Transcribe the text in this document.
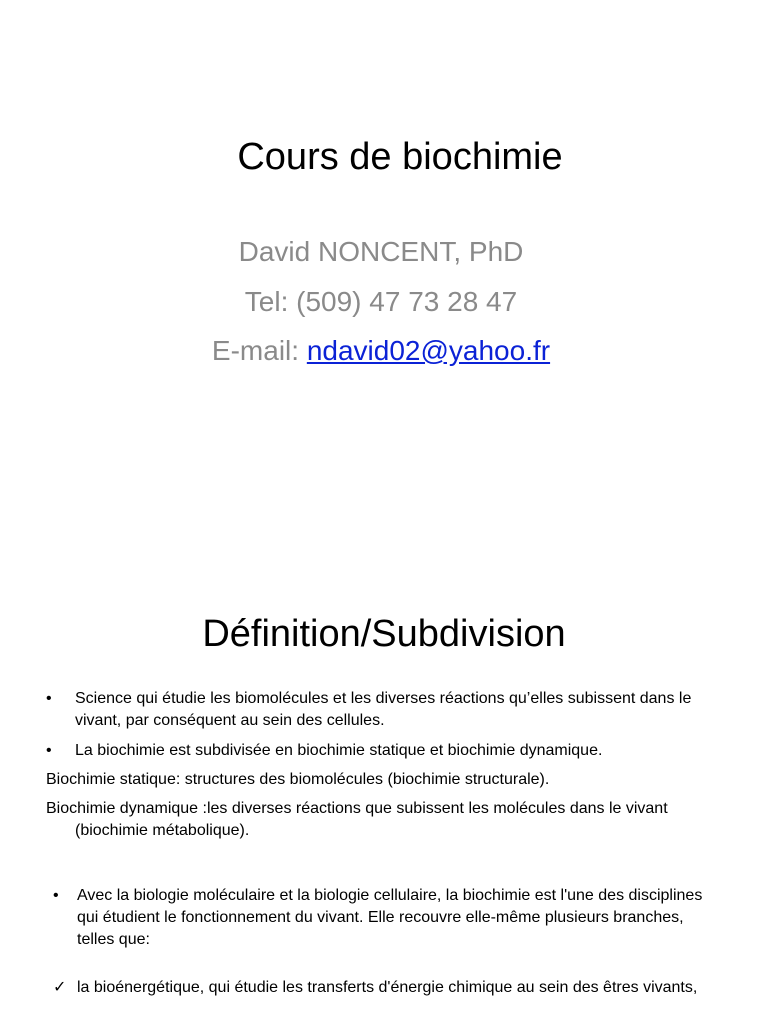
Cours de biochimie
David NONCENT, PhD
Tel: (509) 47 73 28 47
E-mail: ndavid02@yahoo.fr
Définition/Subdivision
• Science qui étudie les biomolécules et les diverses réactions qu’elles subissent dans le vivant, par conséquent au sein des cellules.
• La biochimie est subdivisée en biochimie statique et biochimie dynamique.
Biochimie statique: structures des biomolécules (biochimie structurale).
Biochimie dynamique :les diverses réactions que subissent les molécules dans le vivant (biochimie métabolique).
• Avec la biologie moléculaire et la biologie cellulaire, la biochimie est l'une des disciplines qui étudient le fonctionnement du vivant. Elle recouvre elle-même plusieurs branches, telles que:
✓ la bioénergétique, qui étudie les transferts d'énergie chimique au sein des êtres vivants,
